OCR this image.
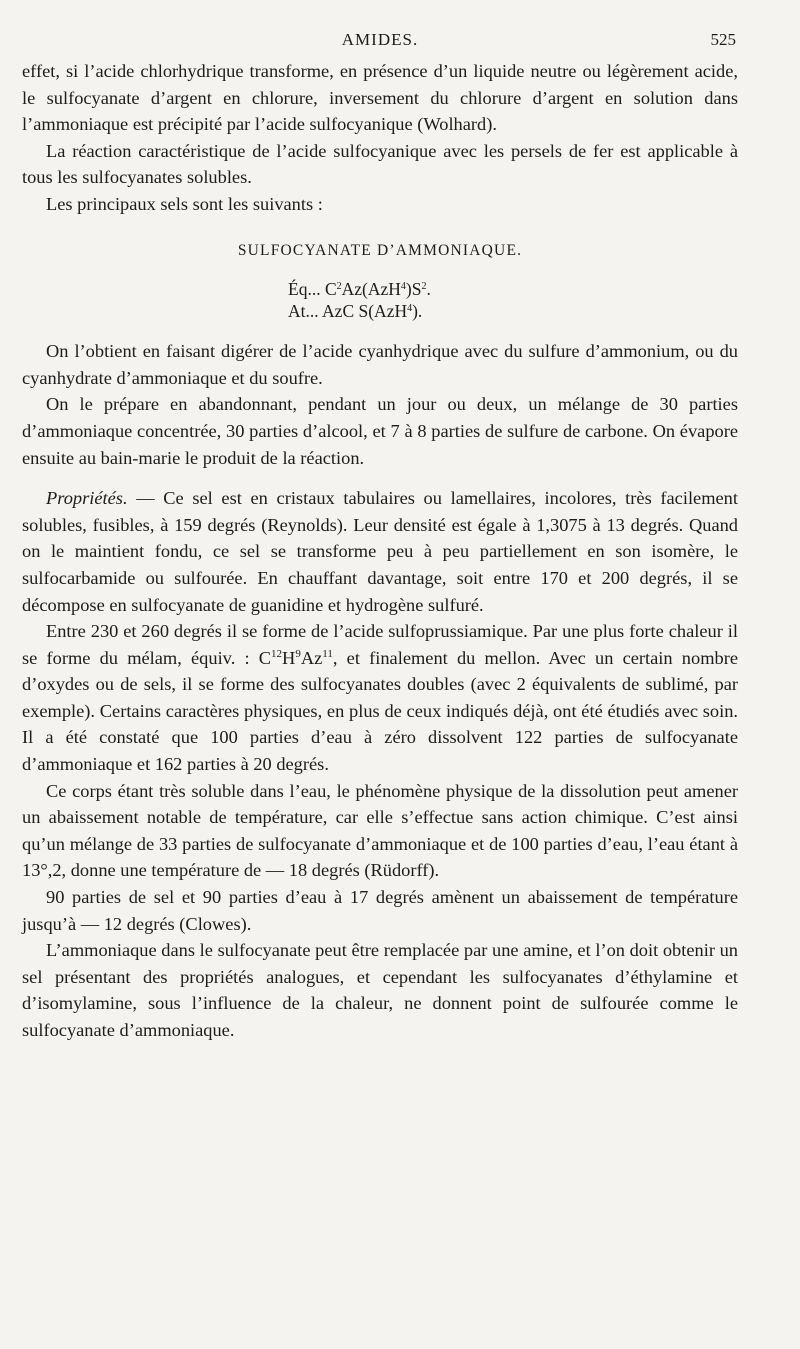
AMIDES.	525

effet, si l’acide chlorhydrique transforme, en présence d’un liquide neutre ou légèrement acide, le sulfocyanate d’argent en chlorure, inversement du chlorure d’argent en solution dans l’ammoniaque est précipité par l’acide sulfocyanique (Wolhard).

La réaction caractéristique de l’acide sulfocyanique avec les persels de fer est applicable à tous les sulfocyanates solubles.

Les principaux sels sont les suivants :

SULFOCYANATE D’AMMONIAQUE.
Éq... $C^2Az(AzH^4)S^2$.
At... AzC S(AzH$^4$).

On l’obtient en faisant digérer de l’acide cyanhydrique avec du sulfure d’ammonium, ou du cyanhydrate d’ammoniaque et du soufre.

On le prépare en abandonnant, pendant un jour ou deux, un mélange de 30 parties d’ammoniaque concentrée, 30 parties d’alcool, et 7 à 8 parties de sulfure de carbone. On évapore ensuite au bain-marie le produit de la réaction.

Propriétés. — Ce sel est en cristaux tabulaires ou lamellaires, incolores, très facilement solubles, fusibles, à 159 degrés (Reynolds). Leur densité est égale à 1,3075 à 13 degrés. Quand on le maintient fondu, ce sel se transforme peu à peu partiellement en son isomère, le sulfocarbamide ou sulfourée. En chauffant davantage, soit entre 170 et 200 degrés, il se décompose en sulfocyanate de guanidine et hydrogène sulfuré.

Entre 230 et 260 degrés il se forme de l’acide sulfoprussiamique. Par une plus forte chaleur il se forme du mélam, équiv. : $C^{12}H^9Az^{11}$, et finalement du mellon. Avec un certain nombre d’oxydes ou de sels, il se forme des sulfocyanates doubles (avec 2 équivalents de sublimé, par exemple). Certains caractères physiques, en plus de ceux indiqués déjà, ont été étudiés avec soin. Il a été constaté que 100 parties d’eau à zéro dissolvent 122 parties de sulfocyanate d’ammoniaque et 162 parties à 20 degrés.

Ce corps étant très soluble dans l’eau, le phénomène physique de la dissolution peut amener un abaissement notable de température, car elle s’effectue sans action chimique. C’est ainsi qu’un mélange de 33 parties de sulfocyanate d’ammoniaque et de 100 parties d’eau, l’eau étant à 13°,2, donne une température de — 18 degrés (Rüdorff).

90 parties de sel et 90 parties d’eau à 17 degrés amènent un abaissement de température jusqu’à — 12 degrés (Clowes).

L’ammoniaque dans le sulfocyanate peut être remplacée par une amine, et l’on doit obtenir un sel présentant des propriétés analogues, et cependant les sulfocyanates d’éthylamine et d’isomylamine, sous l’influence de la chaleur, ne donnent point de sulfourée comme le sulfocyanate d’ammoniaque.
